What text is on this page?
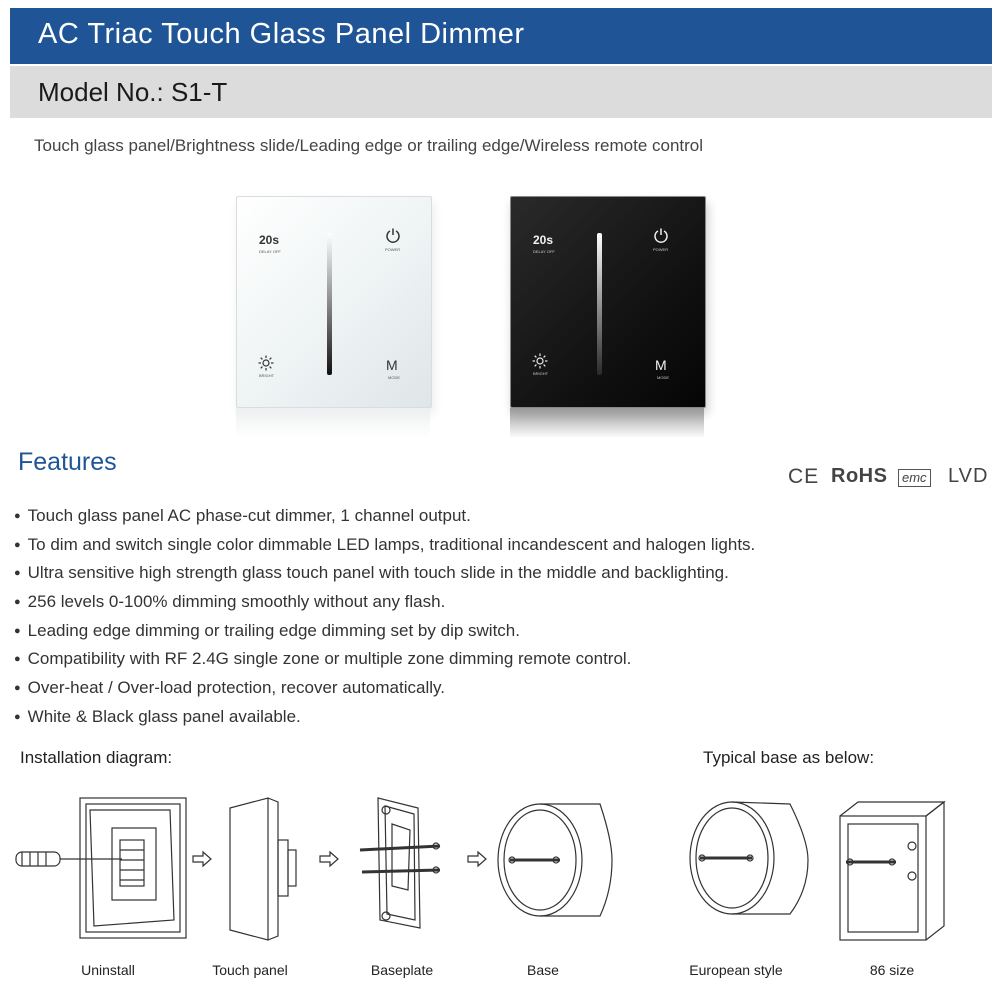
AC Triac Touch Glass Panel Dimmer
Model No.: S1-T
Touch glass panel/Brightness slide/Leading edge or trailing edge/Wireless remote control
20s
DELAY OFF	POWER
BRIGHT
M
MODE
20s
DELAY OFF	POWER
BRIGHT
M
MODE
Features
CE RoHS	emc LVD
● Touch glass panel AC phase-cut dimmer, 1 channel output.
● To dim and switch single color dimmable LED lamps, traditional incandescent and halogen lights.
● Ultra sensitive high strength glass touch panel with touch slide in the middle and backlighting.
● 256 levels 0-100% dimming smoothly without any flash.
● Leading edge dimming or trailing edge dimming set by dip switch.
● Compatibility with RF 2.4G single zone or multiple zone dimming remote control.
● Over-heat / Over-load protection, recover automatically.
● White & Black glass panel available.
Installation diagram:	Typical base as below:
Uninstall	Touch panel	Baseplate	Base	European style	86 size
